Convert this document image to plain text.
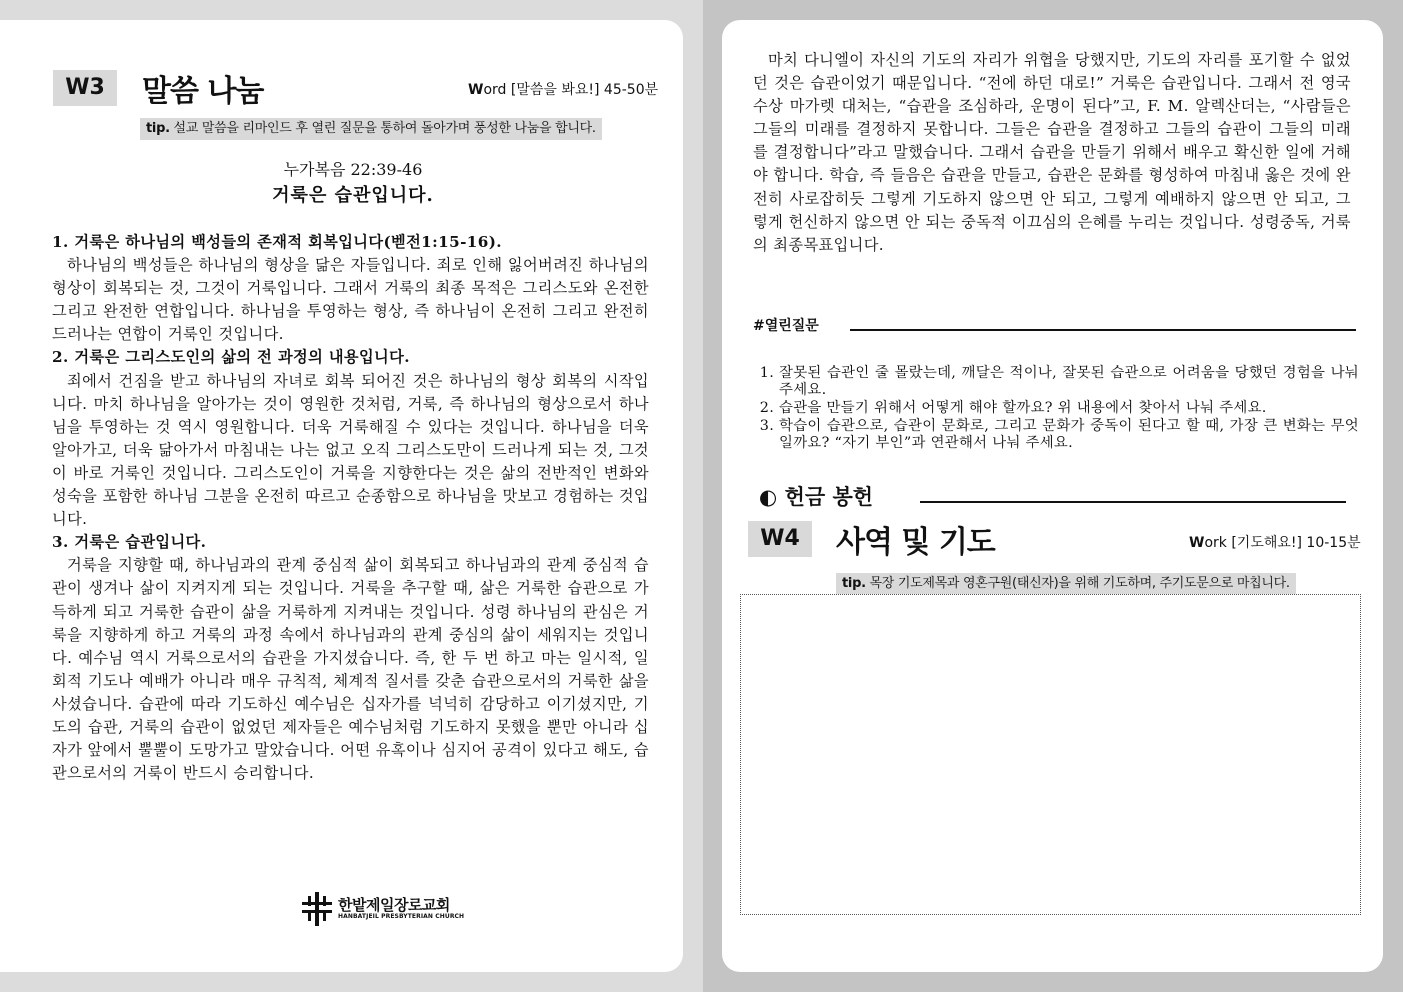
W3	말씀 나눔	Word [말씀을 봐요!] 45-50분
tip. 설교 말씀을 리마인드 후 열린 질문을 통하여 돌아가며 풍성한 나눔을 합니다.
누가복음 22:39-46
거룩은 습관입니다.
1. 거룩은 하나님의 백성들의 존재적 회복입니다(벧전1:15-16).

하나님의 백성들은 하나님의 형상을 닮은 자들입니다. 죄로 인해 잃어버려진 하나님의 형상이 회복되는 것, 그것이 거룩입니다. 그래서 거룩의 최종 목적은 그리스도와 온전한 그리고 완전한 연합입니다. 하나님을 투영하는 형상, 즉 하나님이 온전히 그리고 완전히 드러나는 연합이 거룩인 것입니다.

2. 거룩은 그리스도인의 삶의 전 과정의 내용입니다.

죄에서 건짐을 받고 하나님의 자녀로 회복 되어진 것은 하나님의 형상 회복의 시작입니다. 마치 하나님을 알아가는 것이 영원한 것처럼, 거룩, 즉 하나님의 형상으로서 하나님을 투영하는 것 역시 영원합니다. 더욱 거룩해질 수 있다는 것입니다. 하나님을 더욱 알아가고, 더욱 닮아가서 마침내는 나는 없고 오직 그리스도만이 드러나게 되는 것, 그것이 바로 거룩인 것입니다. 그리스도인이 거룩을 지향한다는 것은 삶의 전반적인 변화와 성숙을 포함한 하나님 그분을 온전히 따르고 순종함으로 하나님을 맛보고 경험하는 것입니다.

3. 거룩은 습관입니다.

거룩을 지향할 때, 하나님과의 관계 중심적 삶이 회복되고 하나님과의 관계 중심적 습관이 생겨나 삶이 지켜지게 되는 것입니다. 거룩을 추구할 때, 삶은 거룩한 습관으로 가득하게 되고 거룩한 습관이 삶을 거룩하게 지켜내는 것입니다. 성령 하나님의 관심은 거룩을 지향하게 하고 거룩의 과정 속에서 하나님과의 관계 중심의 삶이 세워지는 것입니다. 예수님 역시 거룩으로서의 습관을 가지셨습니다. 즉, 한 두 번 하고 마는 일시적, 일회적 기도나 예배가 아니라 매우 규칙적, 체계적 질서를 갖춘 습관으로서의 거룩한 삶을 사셨습니다. 습관에 따라 기도하신 예수님은 십자가를 넉넉히 감당하고 이기셨지만, 기도의 습관, 거룩의 습관이 없었던 제자들은 예수님처럼 기도하지 못했을 뿐만 아니라 십자가 앞에서 뿔뿔이 도망가고 말았습니다. 어떤 유혹이나 심지어 공격이 있다고 해도, 습관으로서의 거룩이 반드시 승리합니다.

한밭제일장로교회
HANBATJEIL PRESBYTERIAN CHURCH

마치 다니엘이 자신의 기도의 자리가 위협을 당했지만, 기도의 자리를 포기할 수 없었던 것은 습관이었기 때문입니다. “전에 하던 대로!” 거룩은 습관입니다. 그래서 전 영국수상 마가렛 대처는, “습관을 조심하라, 운명이 된다”고, F. M. 알렉산더는, “사람들은 그들의 미래를 결정하지 못합니다. 그들은 습관을 결정하고 그들의 습관이 그들의 미래를 결정합니다”라고 말했습니다. 그래서 습관을 만들기 위해서 배우고 확신한 일에 거해야 합니다. 학습, 즉 들음은 습관을 만들고, 습관은 문화를 형성하여 마침내 옳은 것에 완전히 사로잡히듯 그렇게 기도하지 않으면 안 되고, 그렇게 예배하지 않으면 안 되고, 그렇게 헌신하지 않으면 안 되는 중독적 이끄심의 은혜를 누리는 것입니다. 성령중독, 거룩의 최종목표입니다.

#열린질문
1. 잘못된 습관인 줄 몰랐는데, 깨달은 적이나, 잘못된 습관으로 어려움을 당했던 경험을 나눠 주세요.
2. 습관을 만들기 위해서 어떻게 해야 할까요? 위 내용에서 찾아서 나눠 주세요.
3. 학습이 습관으로, 습관이 문화로, 그리고 문화가 중독이 된다고 할 때, 가장 큰 변화는 무엇일까요? “자기 부인”과 연관해서 나눠 주세요.
◐ 헌금 봉헌
W4	사역 및 기도	Work [기도해요!] 10-15분
tip. 목장 기도제목과 영혼구원(태신자)을 위해 기도하며, 주기도문으로 마칩니다.
